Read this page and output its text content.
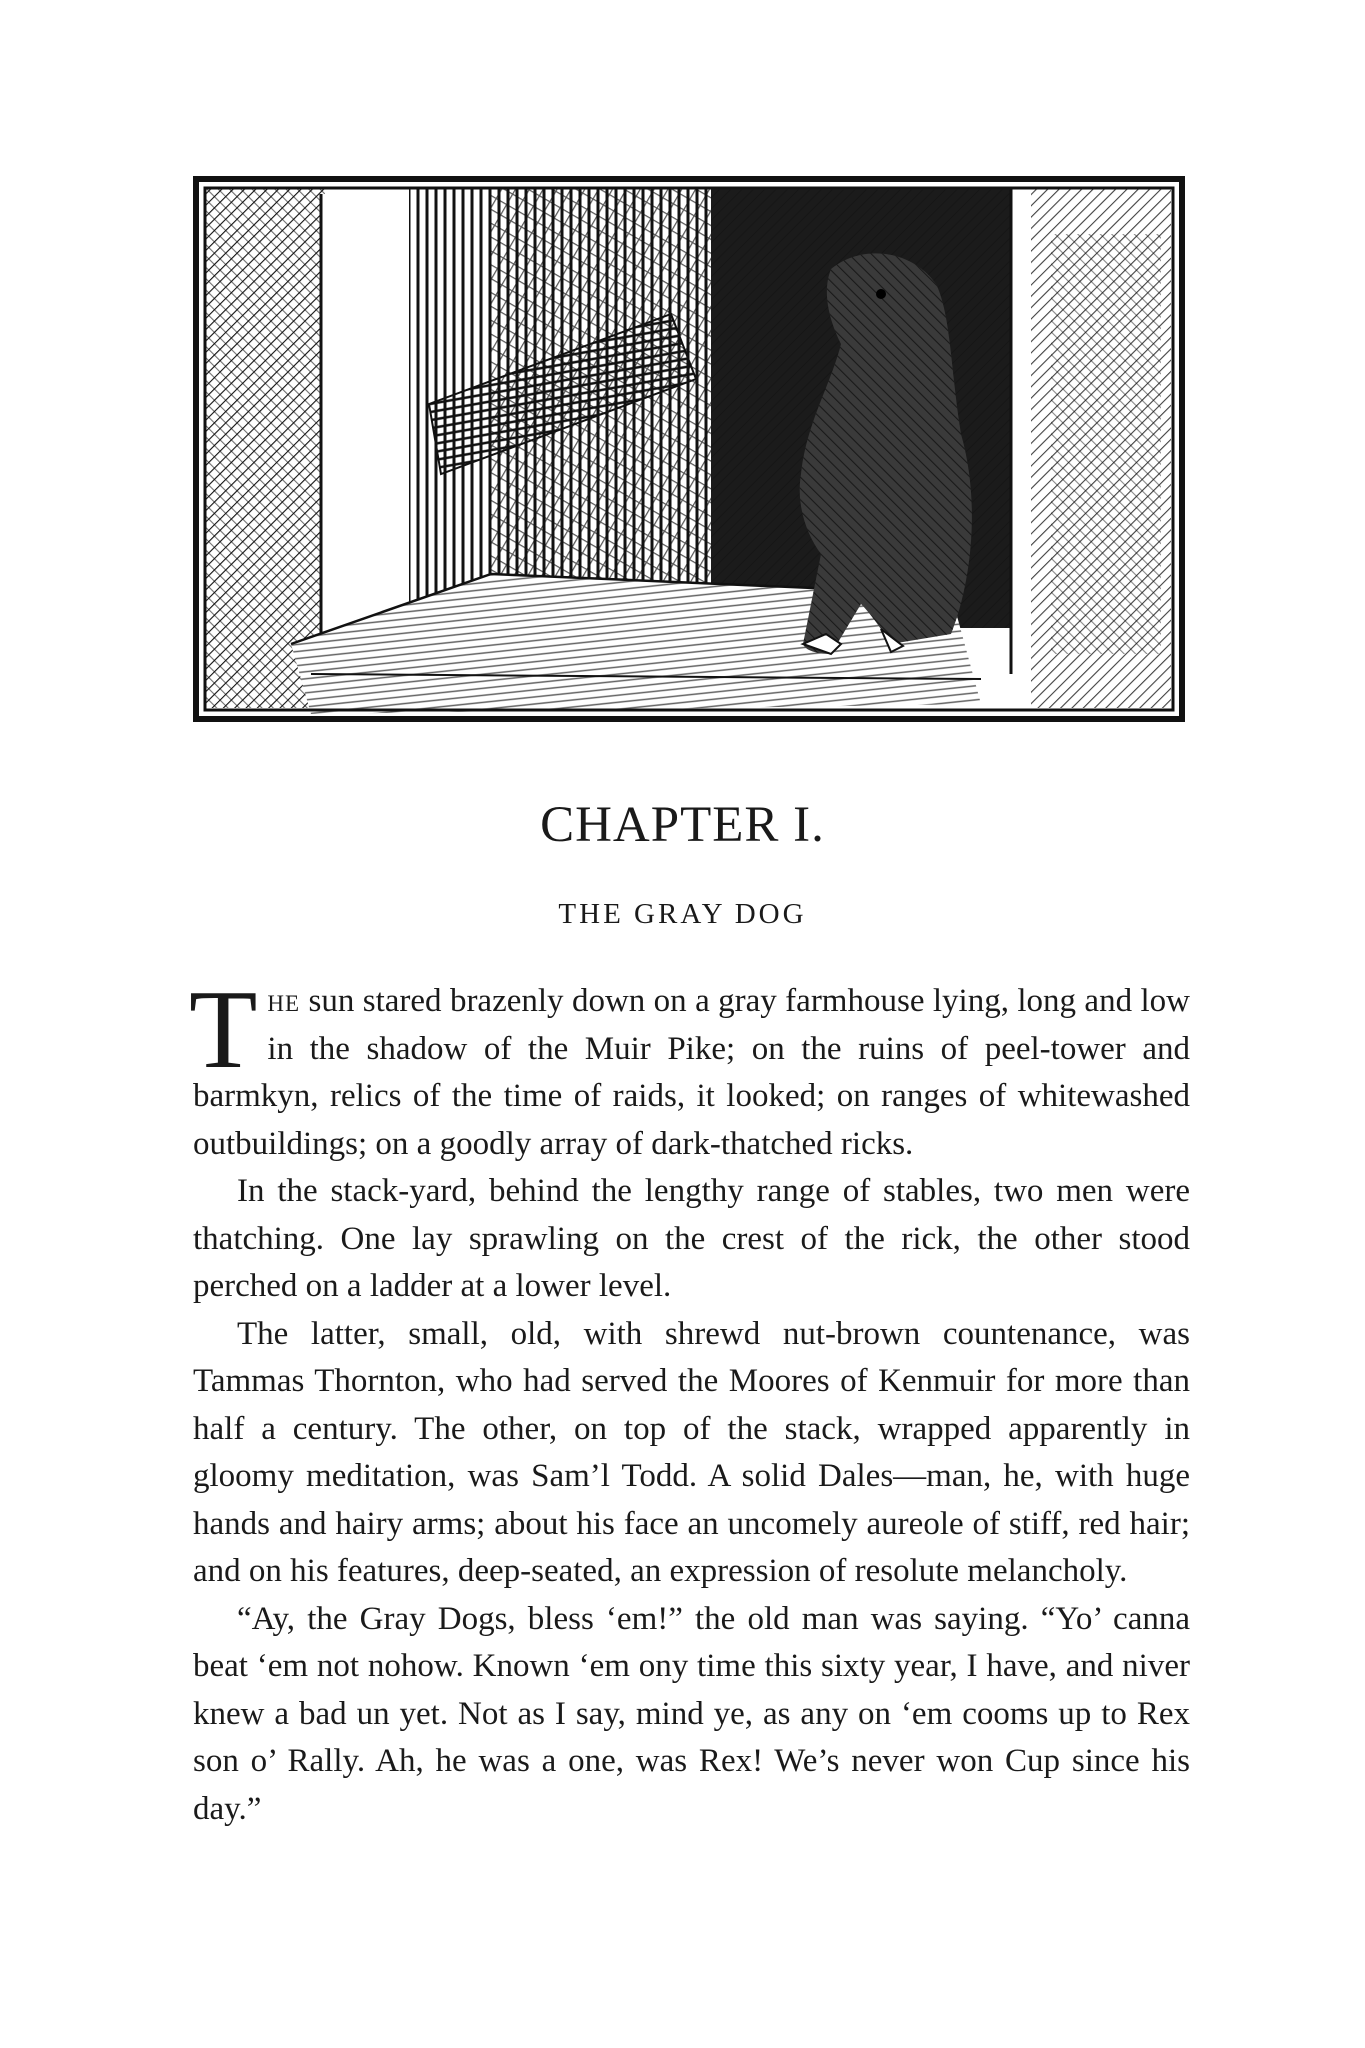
CHAPTER I.
THE GRAY DOG

The sun stared brazenly down on a gray farmhouse lying, long and low in the shadow of the Muir Pike; on the ruins of peel-tower and barmkyn, relics of the time of raids, it looked; on ranges of whitewashed outbuildings; on a goodly array of dark-thatched ricks.

In the stack-yard, behind the lengthy range of stables, two men were thatching. One lay sprawling on the crest of the rick, the other stood perched on a ladder at a lower level.

The latter, small, old, with shrewd nut-brown countenance, was Tammas Thornton, who had served the Moores of Kenmuir for more than half a century. The other, on top of the stack, wrapped apparently in gloomy meditation, was Sam’l Todd. A solid Dales—man, he, with huge hands and hairy arms; about his face an uncomely aureole of stiff, red hair; and on his features, deep-seated, an expression of resolute melancholy.

“Ay, the Gray Dogs, bless ‘em!” the old man was saying. “Yo’ canna beat ‘em not nohow. Known ‘em ony time this sixty year, I have, and niver knew a bad un yet. Not as I say, mind ye, as any on ‘em cooms up to Rex son o’ Rally. Ah, he was a one, was Rex! We’s never won Cup since his day.”
